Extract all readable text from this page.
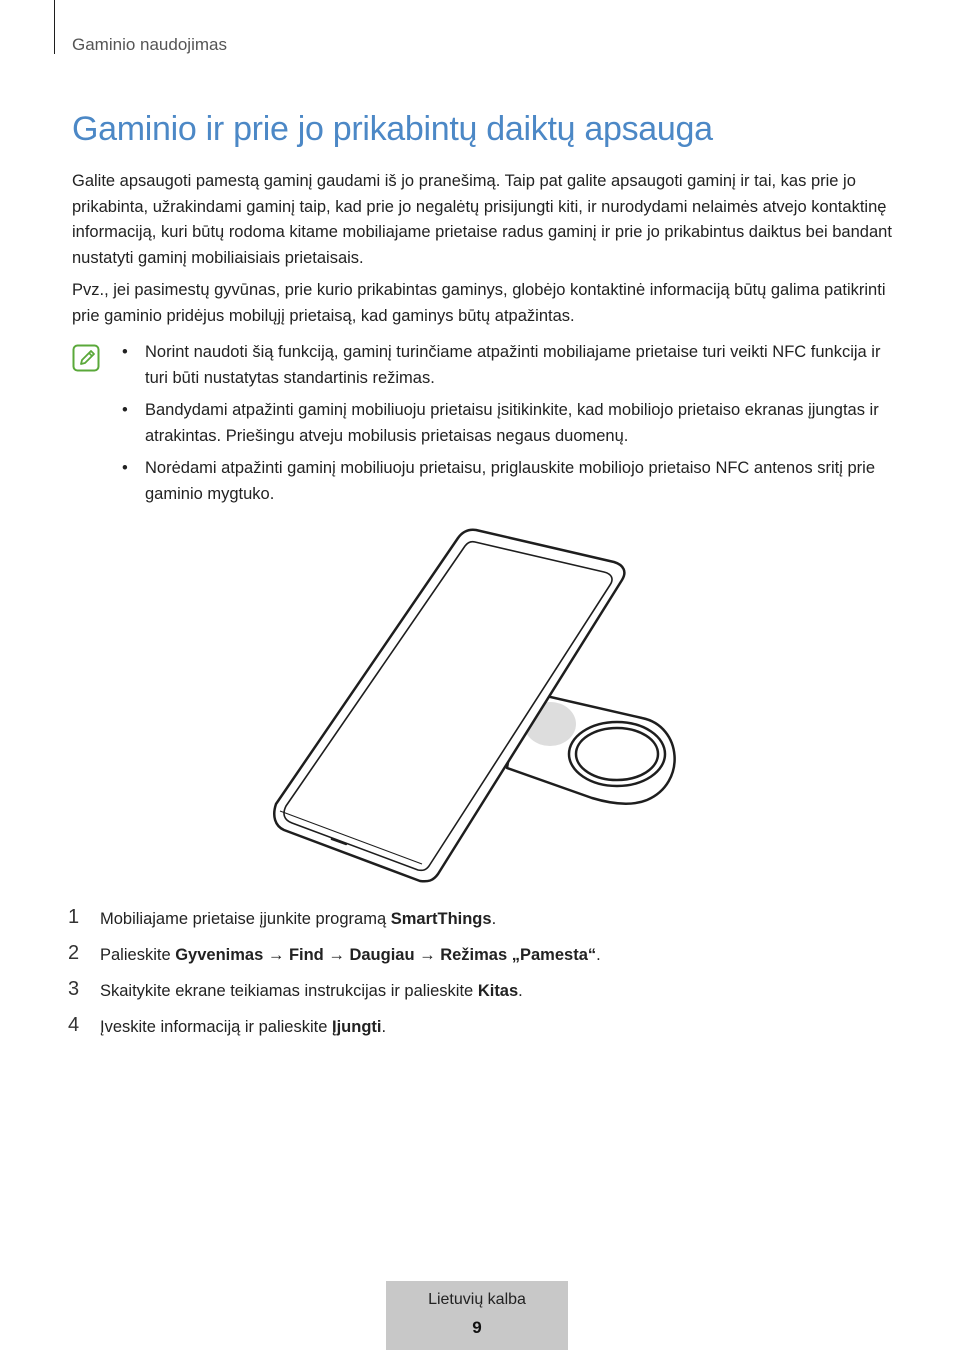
Gaminio naudojimas
Gaminio ir prie jo prikabintų daiktų apsauga

Galite apsaugoti pamestą gaminį gaudami iš jo pranešimą. Taip pat galite apsaugoti gaminį ir tai, kas prie jo prikabinta, užrakindami gaminį taip, kad prie jo negalėtų prisijungti kiti, ir nurodydami nelaimės atvejo kontaktinę informaciją, kuri būtų rodoma kitame mobiliajame prietaise radus gaminį ir prie jo prikabintus daiktus bei bandant nustatyti gaminį mobiliaisiais prietaisais.

Pvz., jei pasimestų gyvūnas, prie kurio prikabintas gaminys, globėjo kontaktinė informaciją būtų galima patikrinti prie gaminio pridėjus mobilųjį prietaisą, kad gaminys būtų atpažintas.

• Norint naudoti šią funkciją, gaminį turinčiame atpažinti mobiliajame prietaise turi veikti NFC funkcija ir turi būti nustatytas standartinis režimas.
• Bandydami atpažinti gaminį mobiliuoju prietaisu įsitikinkite, kad mobiliojo prietaiso ekranas įjungtas ir atrakintas. Priešingu atveju mobilusis prietaisas negaus duomenų.
• Norėdami atpažinti gaminį mobiliuoju prietaisu, priglauskite mobiliojo prietaiso NFC antenos sritį prie gaminio mygtuko.
1 Mobiliajame prietaise įjunkite programą SmartThings.
2 Palieskite Gyvenimas → Find → Daugiau → Režimas „Pamesta“.
3 Skaitykite ekrane teikiamas instrukcijas ir palieskite Kitas.
4 Įveskite informaciją ir palieskite Įjungti.
Lietuvių kalba
9
